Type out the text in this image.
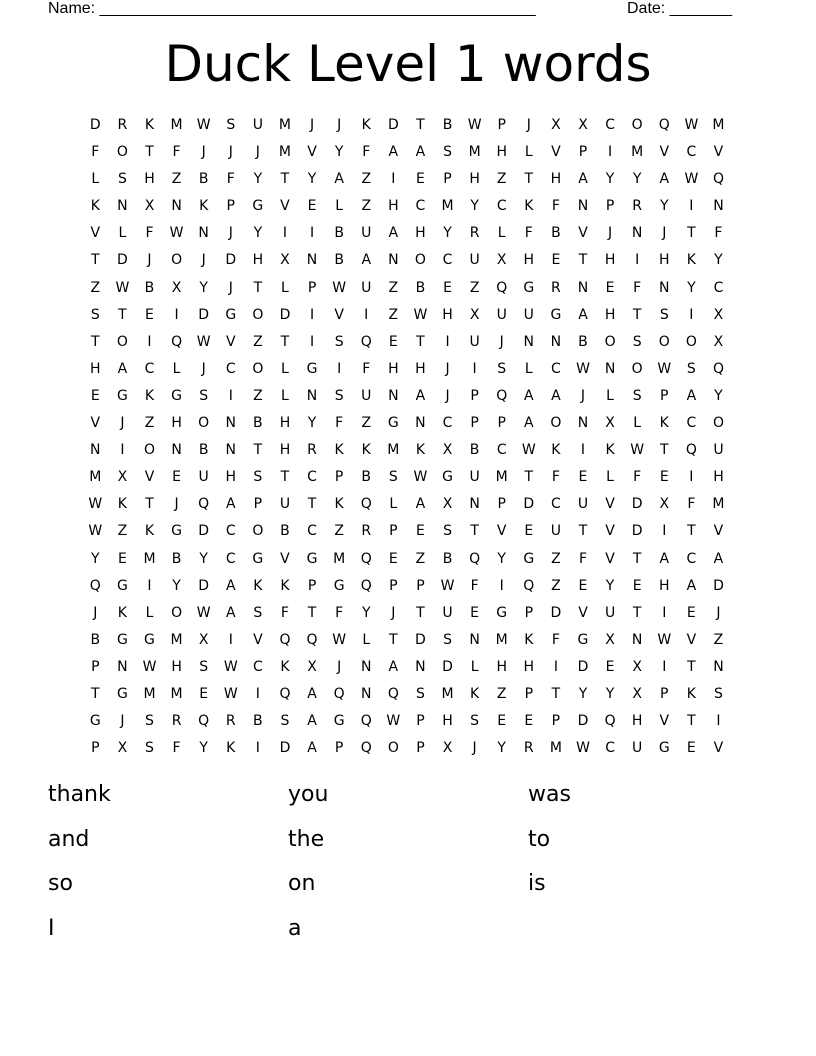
Name: _________________________________________________

	Date: _______

Duck Level 1 words
D	R	K	M W	S	U	M	J	J	K	D	T	B	W	P	J	X	X	C	O	Q	W M
F	O	T	F	J	J	J	M	V	Y	F	A	A	S	M	H	L	V	P	I	M	V	C	V
L	S	H	Z	B	F	Y	T	Y	A	Z	I	E	P	H	Z	T	H	A	Y	Y	A	W	Q
K	N	X	N	K	P	G	V	E	L	Z	H	C	M	Y	C	K	F	N	P	R	Y	I	N
V	L	F	W	N	J	Y	I	I	B	U	A	H	Y	R	L	F	B	V	J	N	J	T	F
T	D	J	O	J	D	H	X	N	B	A	N	O	C	U	X	H	E	T	H	I	H	K	Y
Z	W	B	X	Y	J	T	L	P	W	U	Z	B	E	Z	Q	G	R	N	E	F	N	Y	C
S	T	E	I	D	G	O	D	I	V	I	Z	W	H	X	U	U	G	A	H	T	S	I	X
T	O	I	Q	W	V	Z	T	I	S	Q	E	T	I	U	J	N	N	B	O	S	O	O	X
H	A	C	L	J	C	O	L	G	I	F	H	H	J	I	S	L	C	W	N	O	W	S	Q
E	G	K	G	S	I	Z	L	N	S	U	N	A	J	P	Q	A	A	J	L	S	P	A	Y
V	J	Z	H	O	N	B	H	Y	F	Z	G	N	C	P	P	A	O	N	X	L	K	C	O
N	I	O	N	B	N	T	H	R	K	K	M	K	X	B	C	W	K	I	K	W	T	Q	U
M	X	V	E	U	H	S	T	C	P	B	S	W	G	U	M	T	F	E	L	F	E	I	H
W	K	T	J	Q	A	P	U	T	K	Q	L	A	X	N	P	D	C	U	V	D	X	F	M
W	Z	K	G	D	C	O	B	C	Z	R	P	E	S	T	V	E	U	T	V	D	I	T	V
Y	E	M	B	Y	C	G	V	G	M	Q	E	Z	B	Q	Y	G	Z	F	V	T	A	C	A
Q	G	I	Y	D	A	K	K	P	G	Q	P	P	W	F	I	Q	Z	E	Y	E	H	A	D
J	K	L	O	W	A	S	F	T	F	Y	J	T	U	E	G	P	D	V	U	T	I	E	J
B	G	G	M	X	I	V	Q	Q	W	L	T	D	S	N	M	K	F	G	X	N	W	V	Z
P	N	W	H	S	W	C	K	X	J	N	A	N	D	L	H	H	I	D	E	X	I	T	N
T	G	M	M	E	W	I	Q	A	Q	N	Q	S	M	K	Z	P	T	Y	Y	X	P	K	S
G	J	S	R	Q	R	B	S	A	G	Q	W	P	H	S	E	E	P	D	Q	H	V	T	I
P	X	S	F	Y	K	I	D	A	P	Q	O	P	X	J	Y	R	M W	C	U	G	E	V
thank	you	was
and	the	to
so	on	is
I	a
